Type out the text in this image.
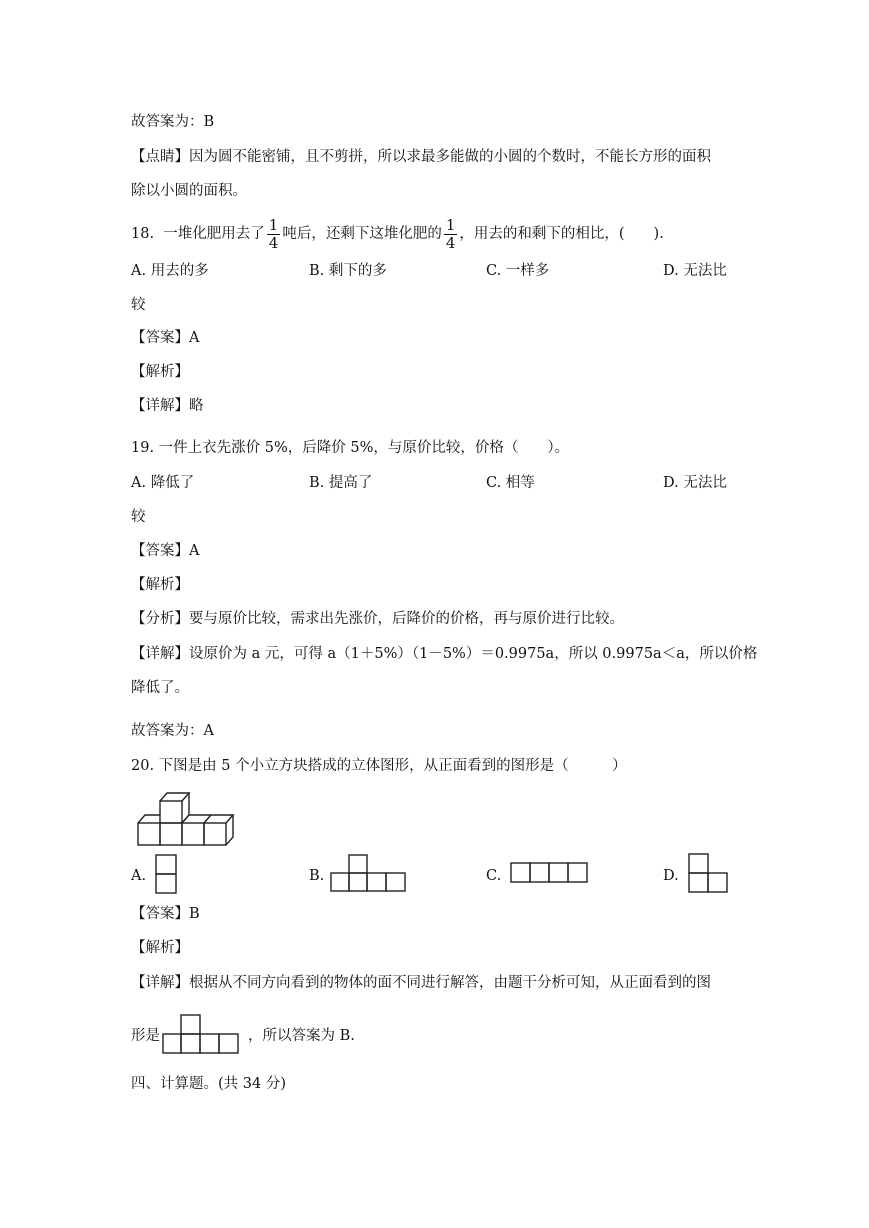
故答案为：B
【点睛】因为圆不能密铺，且不剪拼，所以求最多能做的小圆的个数时，不能长方形的面积
除以小圆的面积。
18. 一堆化肥用去了 $\frac{1}{4}$ 吨后，还剩下这堆化肥的 $\frac{1}{4}$ ，用去的和剩下的相比，(　　).
A. 用去的多	B. 剩下的多	C. 一样多	D. 无法比
较
【答案】A
【解析】
【详解】略
19. 一件上衣先涨价 5%，后降价 5%，与原价比较，价格（　　）。
A. 降低了	B. 提高了	C. 相等	D. 无法比
较
【答案】A
【解析】
【分析】要与原价比较，需求出先涨价，后降价的价格，再与原价进行比较。
【详解】设原价为 a 元，可得 a（1＋5%）（1－5%）＝0.9975a，所以 0.9975a＜a，所以价格
降低了。
故答案为：A
20. 下图是由 5 个小立方块搭成的立体图形，从正面看到的图形是（　　　）
A.	B.	C.	D.
【答案】B
【解析】
【详解】根据从不同方向看到的物体的面不同进行解答，由题干分析可知，从正面看到的图
形是	，所以答案为 B.
四、计算题。(共 34 分)
